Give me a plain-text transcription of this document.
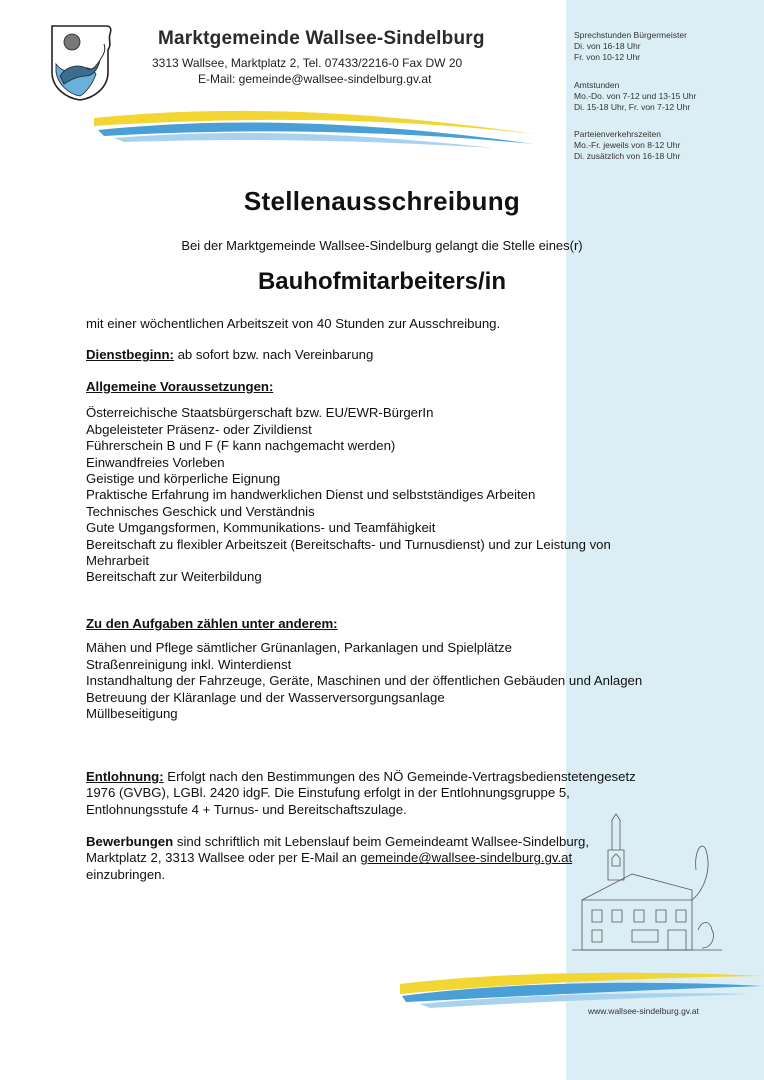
Sprechstunden Bürgermeister
Di. von 16-18 Uhr
Fr. von 10-12 Uhr
Amtstunden
Mo.-Do. von 7-12 und 13-15 Uhr
Di. 15-18 Uhr, Fr. von 7-12 Uhr
Parteienverkehrszeiten
Mo.-Fr. jeweils von 8-12 Uhr
Di. zusätzlich von 16-18 Uhr
Marktgemeinde Wallsee-Sindelburg
3313 Wallsee, Marktplatz 2, Tel. 07433/2216-0 Fax DW 20
E-Mail: gemeinde@wallsee-sindelburg.gv.at
Stellenausschreibung
Bei der Marktgemeinde Wallsee-Sindelburg gelangt die Stelle eines(r)
Bauhofmitarbeiters/in

mit einer wöchentlichen Arbeitszeit von 40 Stunden zur Ausschreibung.

Dienstbeginn: ab sofort bzw. nach Vereinbarung

Allgemeine Voraussetzungen:

Österreichische Staatsbürgerschaft bzw. EU/EWR-BürgerIn

Abgeleisteter Präsenz- oder Zivildienst

Führerschein B und F (F kann nachgemacht werden)

Einwandfreies Vorleben

Geistige und körperliche Eignung

Praktische Erfahrung im handwerklichen Dienst und selbstständiges Arbeiten

Technisches Geschick und Verständnis

Gute Umgangsformen, Kommunikations- und Teamfähigkeit

Bereitschaft zu flexibler Arbeitszeit (Bereitschafts- und Turnusdienst) und zur Leistung von Mehrarbeit

Bereitschaft zur Weiterbildung

Zu den Aufgaben zählen unter anderem:

Mähen und Pflege sämtlicher Grünanlagen, Parkanlagen und Spielplätze

Straßenreinigung inkl. Winterdienst

Instandhaltung der Fahrzeuge, Geräte, Maschinen und der öffentlichen Gebäuden und Anlagen

Betreuung der Kläranlage und der Wasserversorgungsanlage

Müllbeseitigung

Entlohnung: Erfolgt nach den Bestimmungen des NÖ Gemeinde-Vertragsbedienstetengesetz 1976 (GVBG), LGBl. 2420 idgF. Die Einstufung erfolgt in der Entlohnungsgruppe 5, Entlohnungsstufe 4 + Turnus- und Bereitschaftszulage.

Bewerbungen sind schriftlich mit Lebenslauf beim Gemeindeamt Wallsee-Sindelburg, Marktplatz 2, 3313 Wallsee oder per E-Mail an gemeinde@wallsee-sindelburg.gv.at einzubringen.

www.wallsee-sindelburg.gv.at
